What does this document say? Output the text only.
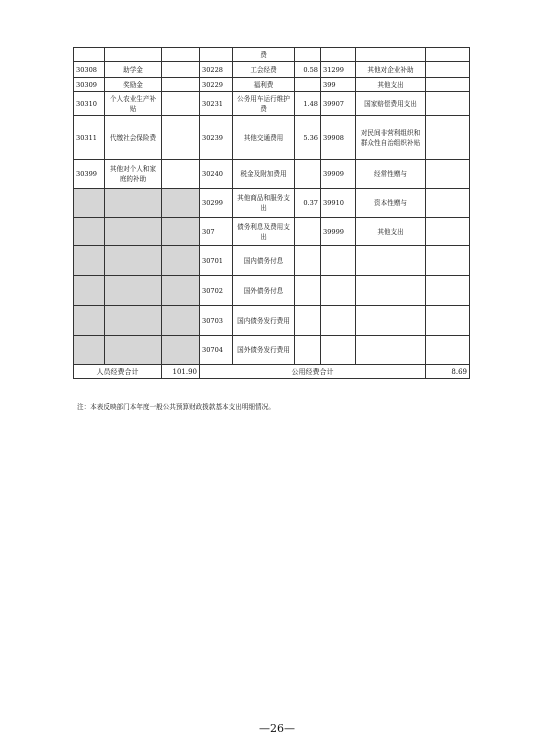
				费				
30308	助学金		30228	工会经费	0.58	31299	其他对企业补助	
30309	奖励金		30229	福利费		399	其他支出	
30310	个人农业生产补贴		30231	公务用车运行维护费	1.48	39907	国家赔偿费用支出	
30311	代缴社会保险费		30239	其他交通费用	5.36	39908	对民间非营利组织和群众性自治组织补贴	
30399	其他对个人和家庭的补助		30240	税金及附加费用		39909	经常性赠与	
			30299	其他商品和服务支出	0.37	39910	资本性赠与	
			307	债务利息及费用支出		39999	其他支出	
			30701	国内债务付息				
			30702	国外债务付息				
			30703	国内债务发行费用				
			30704	国外债务发行费用				
人员经费合计		101.90	公用经费合计					8.69
注：本表反映部门本年度一般公共预算财政拨款基本支出明细情况。
—26—
